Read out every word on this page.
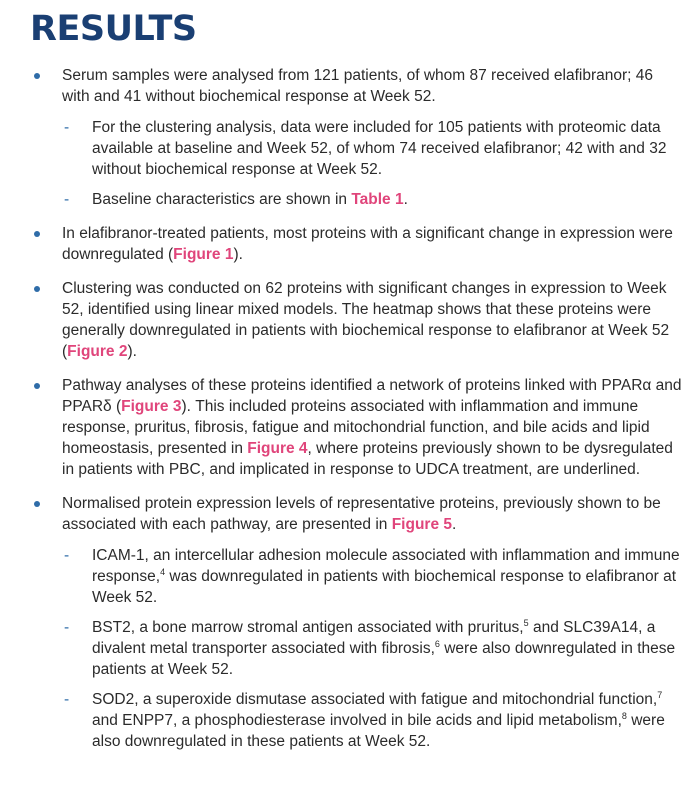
RESULTS
Serum samples were analysed from 121 patients, of whom 87 received elafibranor; 46 with and 41 without biochemical response at Week 52.
- For the clustering analysis, data were included for 105 patients with proteomic data available at baseline and Week 52, of whom 74 received elafibranor; 42 with and 32 without biochemical response at Week 52.
- Baseline characteristics are shown in Table 1.
In elafibranor-treated patients, most proteins with a significant change in expression were downregulated (Figure 1).
Clustering was conducted on 62 proteins with significant changes in expression to Week 52, identified using linear mixed models. The heatmap shows that these proteins were generally downregulated in patients with biochemical response to elafibranor at Week 52 (Figure 2).
Pathway analyses of these proteins identified a network of proteins linked with PPARα and PPARδ (Figure 3). This included proteins associated with inflammation and immune response, pruritus, fibrosis, fatigue and mitochondrial function, and bile acids and lipid homeostasis, presented in Figure 4, where proteins previously shown to be dysregulated in patients with PBC, and implicated in response to UDCA treatment, are underlined.
Normalised protein expression levels of representative proteins, previously shown to be associated with each pathway, are presented in Figure 5.
- ICAM-1, an intercellular adhesion molecule associated with inflammation and immune response,$^4$ was downregulated in patients with biochemical response to elafibranor at Week 52.
- BST2, a bone marrow stromal antigen associated with pruritus,$^5$ and SLC39A14, a divalent metal transporter associated with fibrosis,$^6$ were also downregulated in these patients at Week 52.
- SOD2, a superoxide dismutase associated with fatigue and mitochondrial function,$^7$ and ENPP7, a phosphodiesterase involved in bile acids and lipid metabolism,$^8$ were also downregulated in these patients at Week 52.
